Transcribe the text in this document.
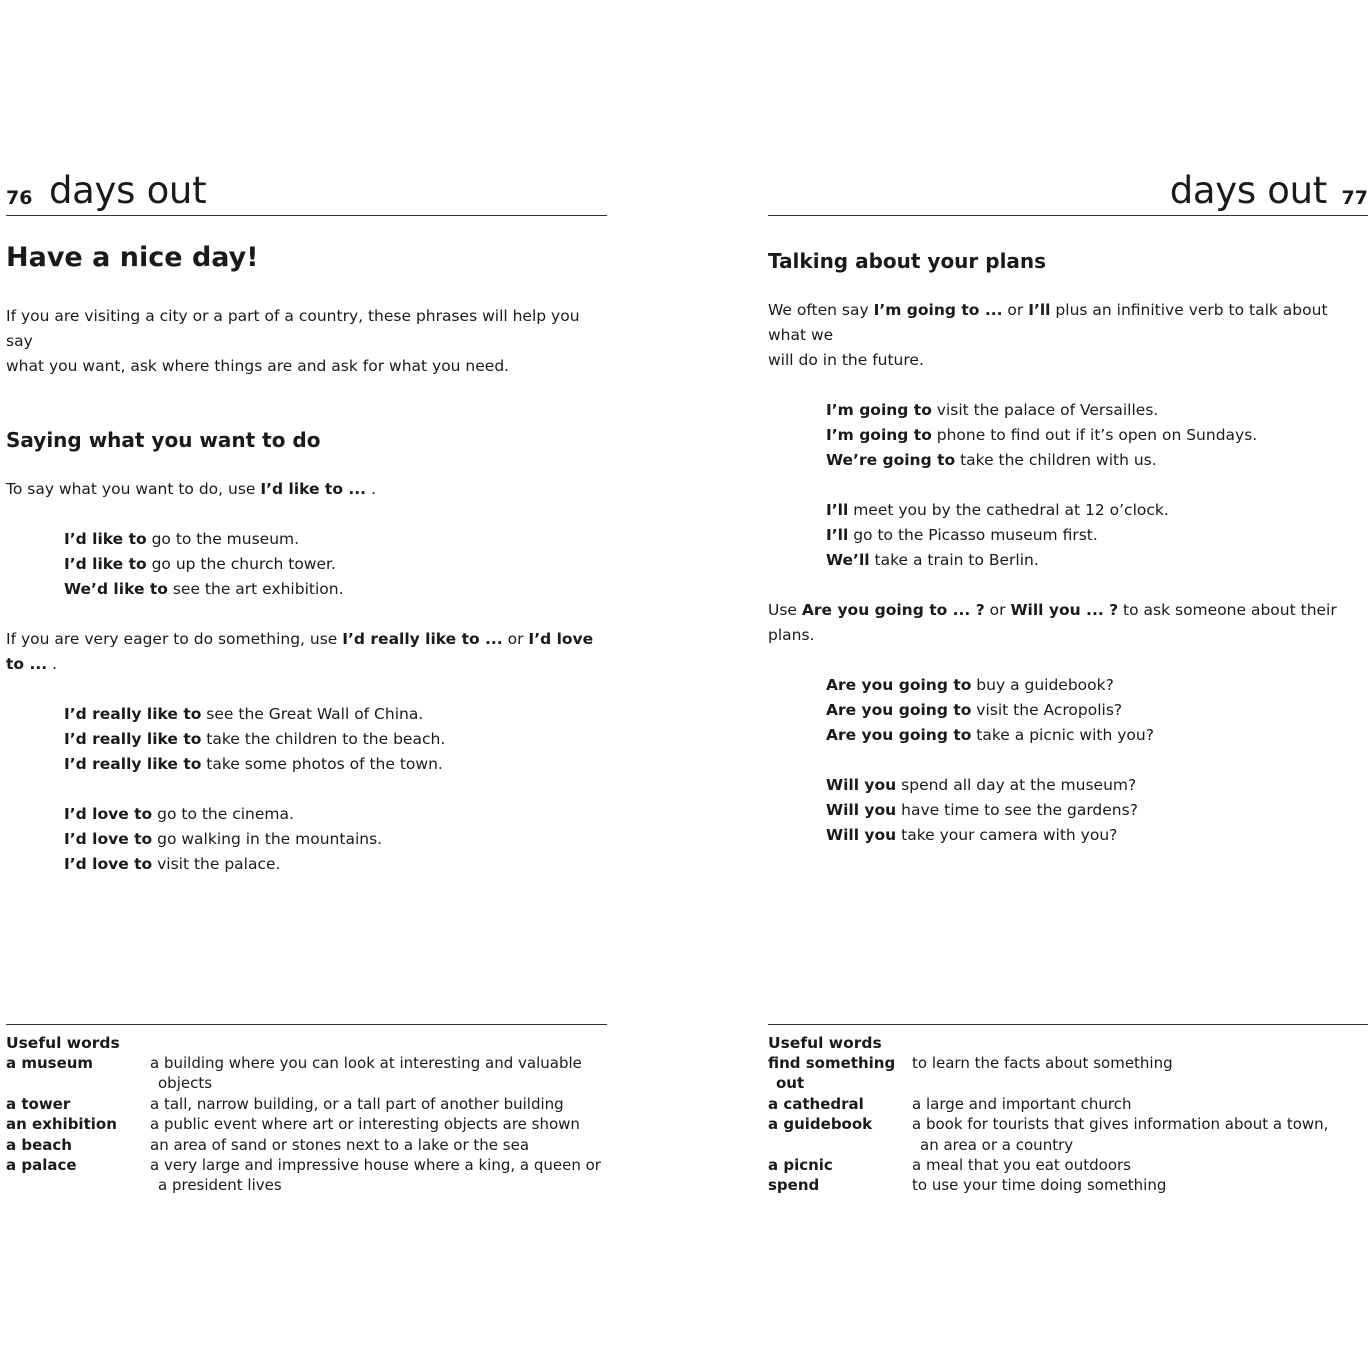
76 days out
Have a nice day!

If you are visiting a city or a part of a country, these phrases will help you say

what you want, ask where things are and ask for what you need.

Saying what you want to do

To say what you want to do, use I’d like to ... .

I’d like to go to the museum.
I’d like to go up the church tower.
We’d like to see the art exhibition.

If you are very eager to do something, use I’d really like to ... or I’d love to ... .

I’d really like to see the Great Wall of China.
I’d really like to take the children to the beach.
I’d really like to take some photos of the town.
I’d love to go to the cinema.
I’d love to go walking in the mountains.
I’d love to visit the palace.
Useful words
a museum	a building where you can look at interesting and valuable
objects
a tower	a tall, narrow building, or a tall part of another building
an exhibition	a public event where art or interesting objects are shown
a beach	an area of sand or stones next to a lake or the sea
a palace	a very large and impressive house where a king, a queen or
a president lives
days out 77
Talking about your plans

We often say I’m going to ... or I’ll plus an infinitive verb to talk about what we

will do in the future.

I’m going to visit the palace of Versailles.
I’m going to phone to find out if it’s open on Sundays.
We’re going to take the children with us.
I’ll meet you by the cathedral at 12 o’clock.
I’ll go to the Picasso museum first.
We’ll take a train to Berlin.

Use Are you going to ... ? or Will you ... ? to ask someone about their plans.

Are you going to buy a guidebook?
Are you going to visit the Acropolis?
Are you going to take a picnic with you?
Will you spend all day at the museum?
Will you have time to see the gardens?
Will you take your camera with you?
Useful words
find something	to learn the facts about something
out
a cathedral	a large and important church
a guidebook	a book for tourists that gives information about a town,
an area or a country
a picnic	a meal that you eat outdoors
spend	to use your time doing something
